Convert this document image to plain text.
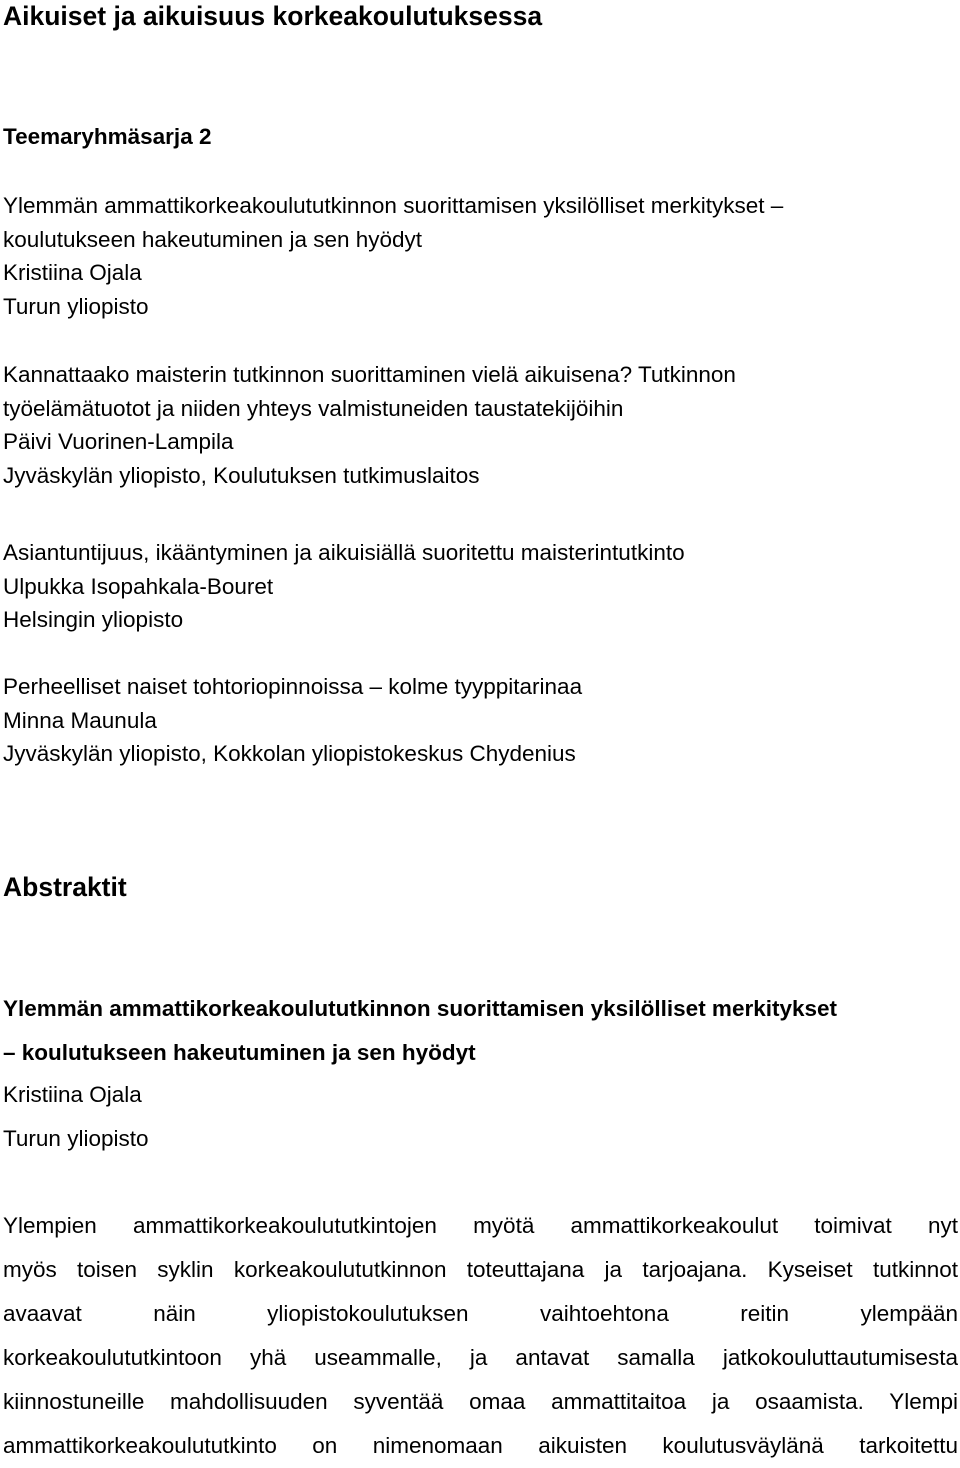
Aikuiset ja aikuisuus korkeakoulutuksessa
Teemaryhmäsarja 2
Ylemmän ammattikorkeakoulututkinnon suorittamisen yksilölliset merkitykset –
koulutukseen hakeutuminen ja sen hyödyt
Kristiina Ojala
Turun yliopisto
Kannattaako maisterin tutkinnon suorittaminen vielä aikuisena? Tutkinnon
työelämätuotot ja niiden yhteys valmistuneiden taustatekijöihin
Päivi Vuorinen-Lampila
Jyväskylän yliopisto, Koulutuksen tutkimuslaitos
Asiantuntijuus, ikääntyminen ja aikuisiällä suoritettu maisterintutkinto
Ulpukka Isopahkala-Bouret
Helsingin yliopisto
Perheelliset naiset tohtoriopinnoissa – kolme tyyppitarinaa
Minna Maunula
Jyväskylän yliopisto, Kokkolan yliopistokeskus Chydenius
Abstraktit
Ylemmän ammattikorkeakoulututkinnon suorittamisen yksilölliset merkitykset
– koulutukseen hakeutuminen ja sen hyödyt
Kristiina Ojala
Turun yliopisto
Ylempien ammattikorkeakoulututkintojen myötä ammattikorkeakoulut toimivat nyt
myös toisen syklin korkeakoulututkinnon toteuttajana ja tarjoajana. Kyseiset tutkinnot
avaavat näin yliopistokoulutuksen vaihtoehtona reitin ylempään
korkeakoulututkintoon yhä useammalle, ja antavat samalla jatkokouluttautumisesta
kiinnostuneille mahdollisuuden syventää omaa ammattitaitoa ja osaamista. Ylempi
ammattikorkeakoulututkinto on nimenomaan aikuisten koulutusväylänä tarkoitettu
